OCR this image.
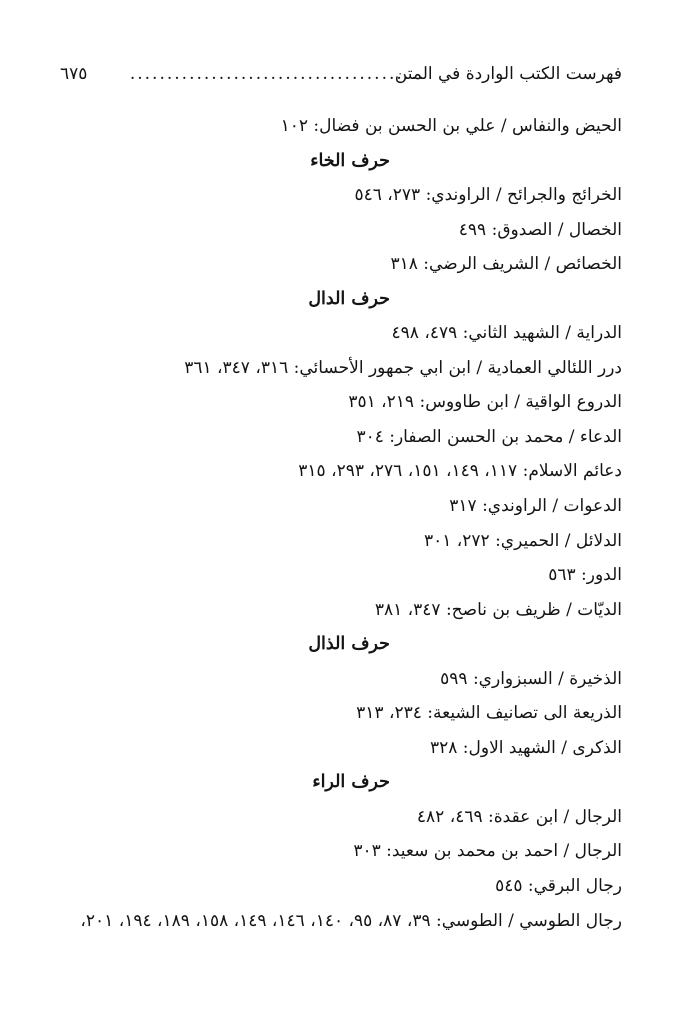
فهرست الكتب الواردة في المتن
........................................
٦٧٥
الحيض والنفاس / علي بن الحسن بن فضال: ١٠٢
حرف الخاء
الخرائج والجرائح / الراوندي: ٢٧٣، ٥٤٦
الخصال / الصدوق: ٤٩٩
الخصائص / الشريف الرضي: ٣١٨
حرف الدال
الدراية / الشهيد الثاني: ٤٧٩، ٤٩٨
درر اللئالي العمادية / ابن ابي جمهور الأحسائي: ٣١٦، ٣٤٧، ٣٦١
الدروع الواقية / ابن طاووس: ٢١٩، ٣٥١
الدعاء / محمد بن الحسن الصفار: ٣٠٤
دعائم الاسلام: ١١٧، ١٤٩، ١٥١، ٢٧٦، ٢٩٣، ٣١٥
الدعوات / الراوندي: ٣١٧
الدلائل / الحميري: ٢٧٢، ٣٠١
الدور: ٥٦٣
الديّات / ظريف بن ناصح: ٣٤٧، ٣٨١
حرف الذال
الذخيرة / السبزواري: ٥٩٩
الذريعة الى تصانيف الشيعة: ٢٣٤، ٣١٣
الذكرى / الشهيد الاول: ٣٢٨
حرف الراء
الرجال / ابن عقدة: ٤٦٩، ٤٨٢
الرجال / احمد بن محمد بن سعيد: ٣٠٣
رجال البرقي: ٥٤٥
رجال الطوسي / الطوسي: ٣٩، ٨٧، ٩٥، ١٤٠، ١٤٦، ١٤٩، ١٥٨، ١٨٩، ١٩٤، ٢٠١،
